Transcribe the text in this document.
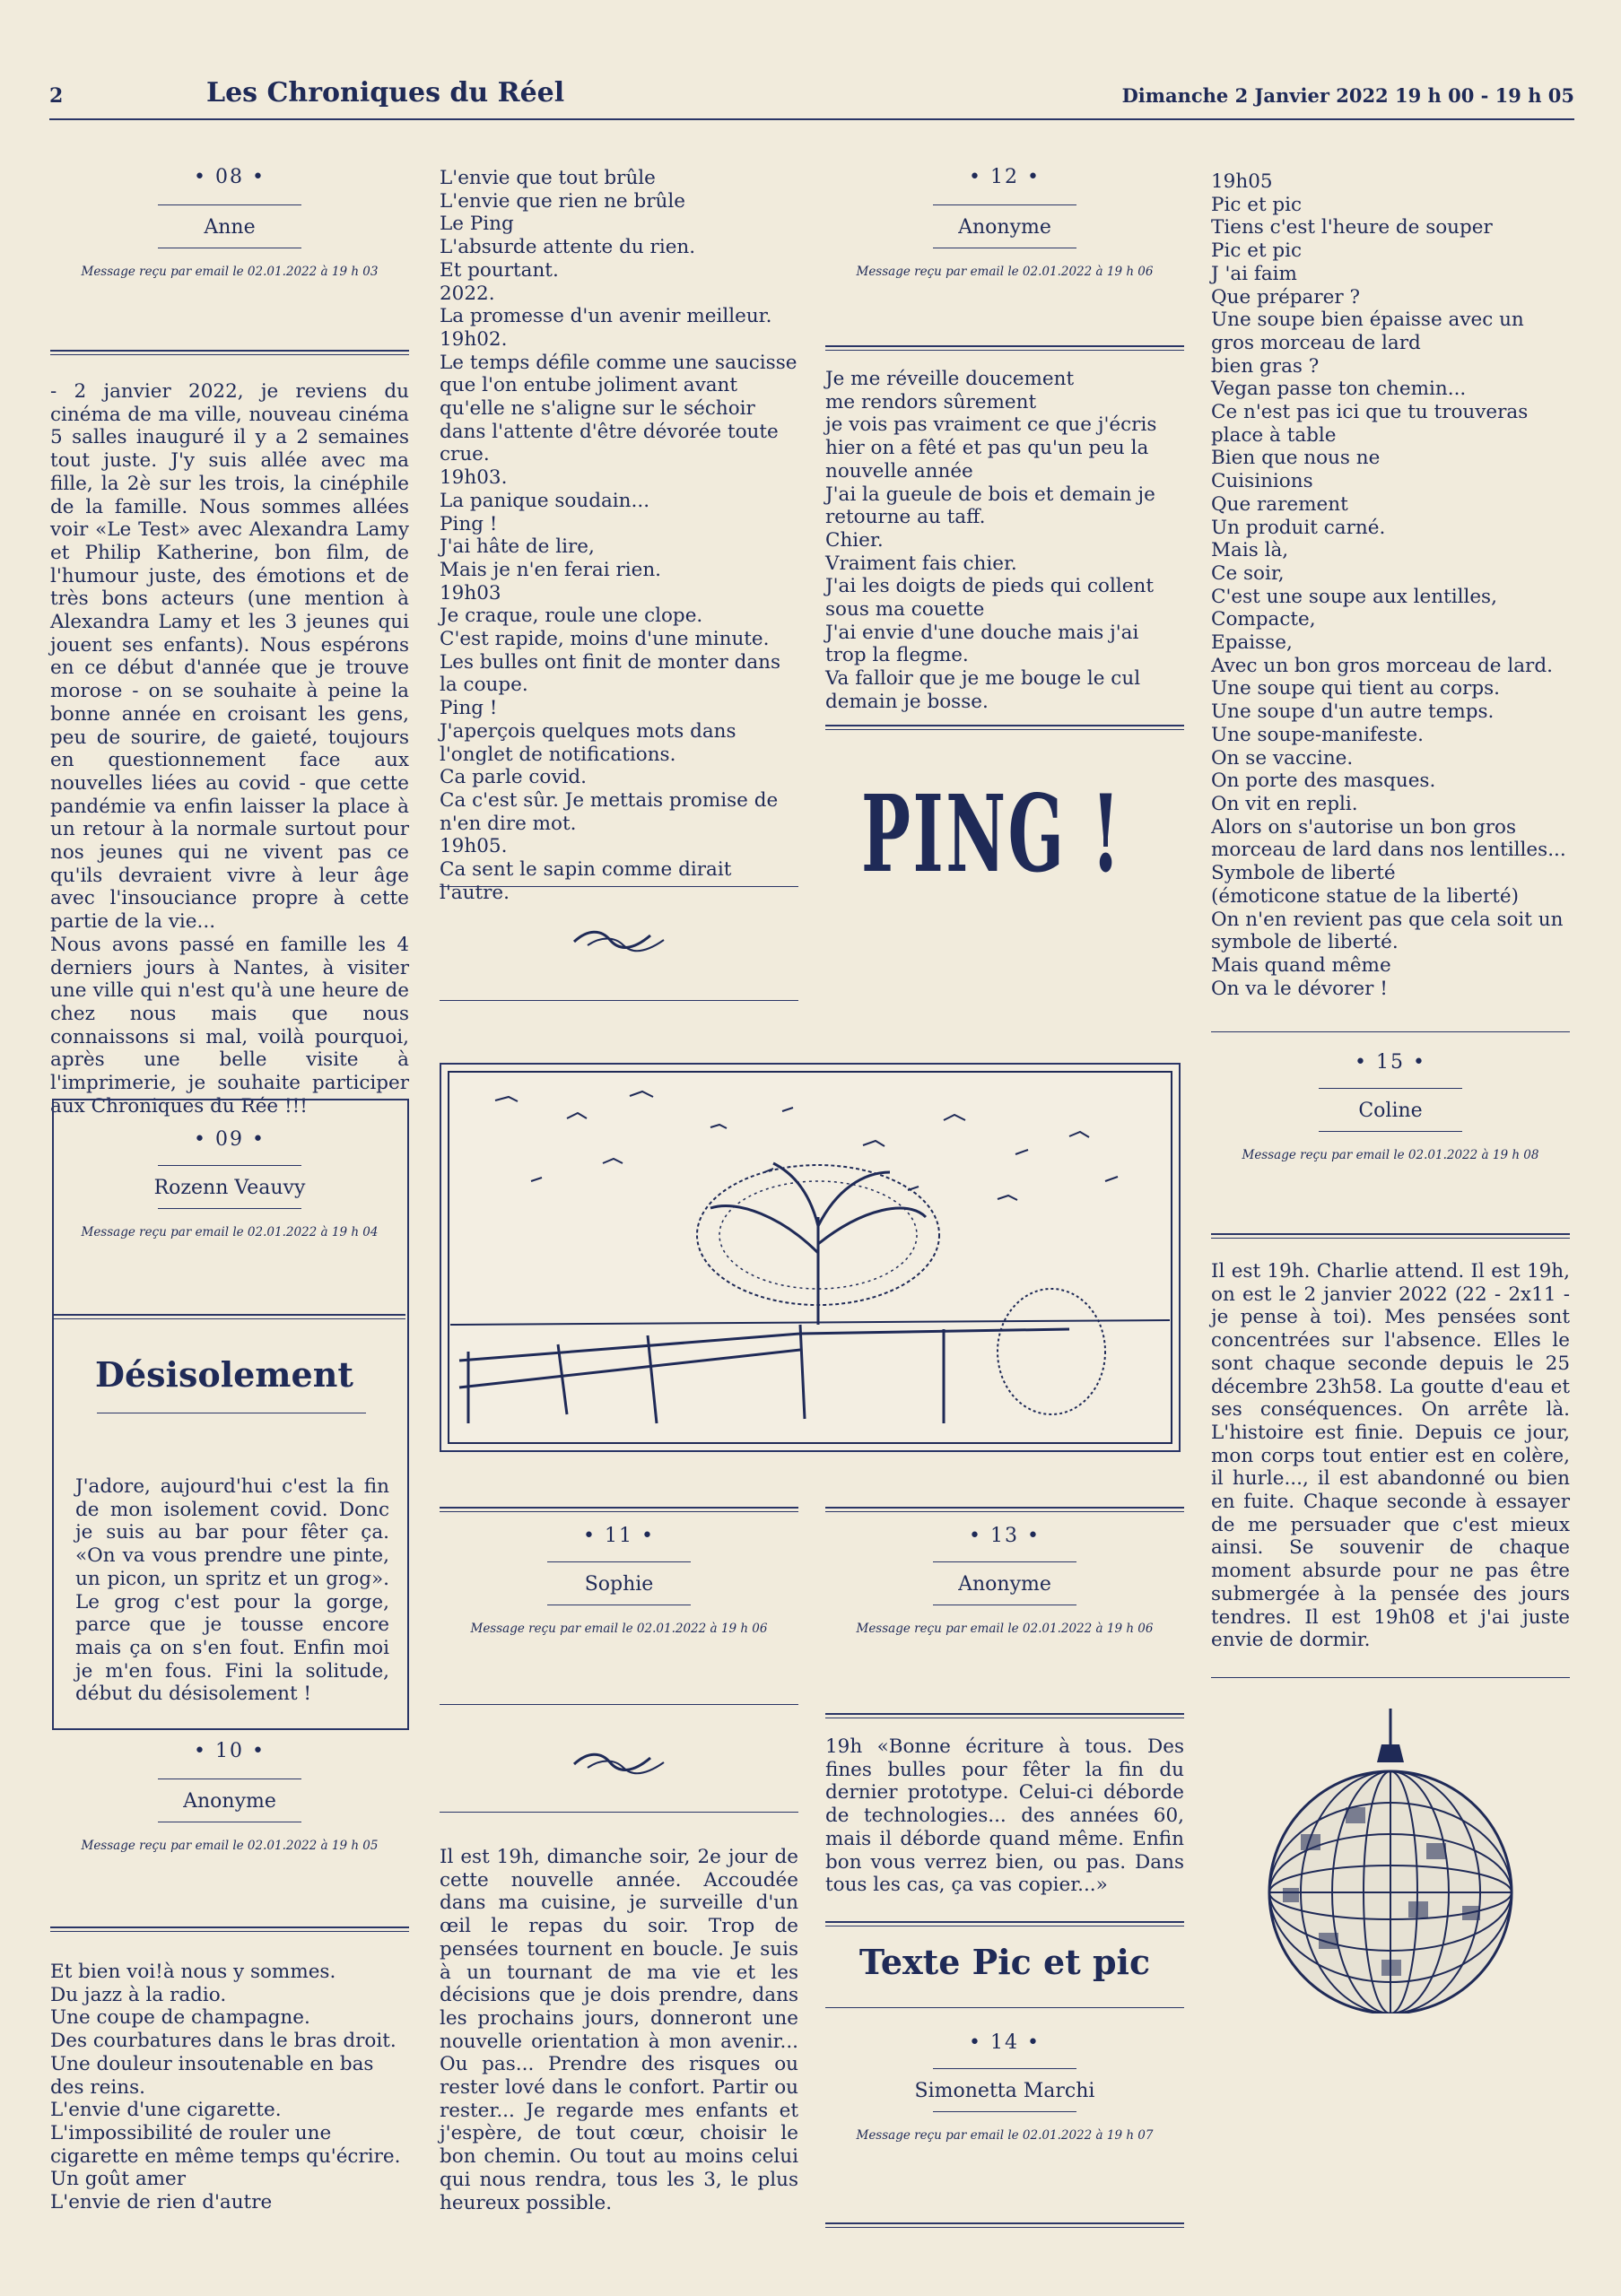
2	Les Chroniques du Réel	Dimanche 2 Janvier 2022 19 h 00 - 19 h 05
• 08 •
Anne
Message reçu par email le 02.01.2022 à 19 h 03

- 2 janvier 2022, je reviens du cinéma de ma ville, nouveau cinéma 5 salles inauguré il y a 2 semaines tout juste. J'y suis allée avec ma fille, la 2è sur les trois, la cinéphile de la famille. Nous sommes allées voir «Le Test» avec Alexandra Lamy et Philip Katherine, bon film, de l'humour juste, des émotions et de très bons acteurs (une mention à Alexandra Lamy et les 3 jeunes qui jouent ses enfants). Nous espérons en ce début d'année que je trouve morose - on se souhaite à peine la bonne année en croisant les gens, peu de sourire, de gaieté, toujours en questionnement face aux nouvelles liées au covid - que cette pandémie va enfin laisser la place à un retour à la normale surtout pour nos jeunes qui ne vivent pas ce qu'ils devraient vivre à leur âge avec l'insouciance propre à cette partie de la vie...

Nous avons passé en famille les 4 derniers jours à Nantes, à visiter une ville qui n'est qu'à une heure de chez nous mais que nous connaissons si mal, voilà pourquoi, après une belle visite à l'imprimerie, je souhaite participer aux Chroniques du Rée !!!

• 09 •
Rozenn Veauvy
Message reçu par email le 02.01.2022 à 19 h 04
Désisolement

J'adore, aujourd'hui c'est la fin de mon isolement covid. Donc je suis au bar pour fêter ça. «On va vous prendre une pinte, un picon, un spritz et un grog». Le grog c'est pour la gorge, parce que je tousse encore mais ça on s'en fout. Enfin moi je m'en fous. Fini la solitude, début du désisolement !

• 10 •
Anonyme
Message reçu par email le 02.01.2022 à 19 h 05

Et bien voi!à nous y sommes.

Du jazz à la radio.

Une coupe de champagne.

Des courbatures dans le bras droit.

Une douleur insoutenable en bas des reins.

L'envie d'une cigarette.

L'impossibilité de rouler une cigarette en même temps qu'écrire.

Un goût amer

L'envie de rien d'autre

L'envie que tout brûle

L'envie que rien ne brûle

Le Ping

L'absurde attente du rien.

Et pourtant.

2022.

La promesse d'un avenir meilleur.

19h02.

Le temps défile comme une saucisse que l'on entube joliment avant qu'elle ne s'aligne sur le séchoir dans l'attente d'être dévorée toute crue.

19h03.

La panique soudain...

Ping !

J'ai hâte de lire,

Mais je n'en ferai rien.

19h03

Je craque, roule une clope.

C'est rapide, moins d'une minute.

Les bulles ont finit de monter dans la coupe.

Ping !

J'aperçois quelques mots dans l'onglet de notifications.

Ca parle covid.

Ca c'est sûr. Je mettais promise de n'en dire mot.

19h05.

Ca sent le sapin comme dirait l'autre.

• 11 •
Sophie
Message reçu par email le 02.01.2022 à 19 h 06

Il est 19h, dimanche soir, 2e jour de cette nouvelle année. Accoudée dans ma cuisine, je surveille d'un œil le repas du soir. Trop de pensées tournent en boucle. Je suis à un tournant de ma vie et les décisions que je dois prendre, dans les prochains jours, donneront une nouvelle orientation à mon avenir... Ou pas... Prendre des risques ou rester lové dans le confort. Partir ou rester... Je regarde mes enfants et j'espère, de tout cœur, choisir le bon chemin. Ou tout au moins celui qui nous rendra, tous les 3, le plus heureux possible.

• 12 •
Anonyme
Message reçu par email le 02.01.2022 à 19 h 06

Je me réveille doucement

me rendors sûrement

je vois pas vraiment ce que j'écris hier on a fêté et pas qu'un peu la nouvelle année

J'ai la gueule de bois et demain je retourne au taff.

Chier.

Vraiment fais chier.

J'ai les doigts de pieds qui collent sous ma couette

J'ai envie d'une douche mais j'ai trop la flegme.

Va falloir que je me bouge le cul demain je bosse.

PING !
• 13 •
Anonyme
Message reçu par email le 02.01.2022 à 19 h 06

19h «Bonne écriture à tous. Des fines bulles pour fêter la fin du dernier prototype. Celui-ci déborde de technologies... des années 60, mais il déborde quand même. Enfin bon vous verrez bien, ou pas. Dans tous les cas, ça vas copier...»

Texte Pic et pic
• 14 •
Simonetta Marchi
Message reçu par email le 02.01.2022 à 19 h 07

19h05

Pic et pic

Tiens c'est l'heure de souper

Pic et pic

J 'ai faim

Que préparer ?

Une soupe bien épaisse avec un gros morceau de lard

bien gras ?

Vegan passe ton chemin...

Ce n'est pas ici que tu trouveras place à table

Bien que nous ne

Cuisinions

Que rarement

Un produit carné.

Mais là,

Ce soir,

C'est une soupe aux lentilles,

Compacte,

Epaisse,

Avec un bon gros morceau de lard.

Une soupe qui tient au corps.

Une soupe d'un autre temps.

Une soupe-manifeste.

On se vaccine.

On porte des masques.

On vit en repli.

Alors on s'autorise un bon gros morceau de lard dans nos lentilles...

Symbole de liberté

(émoticone statue de la liberté)

On n'en revient pas que cela soit un symbole de liberté.

Mais quand même

On va le dévorer !

• 15 •
Coline
Message reçu par email le 02.01.2022 à 19 h 08

Il est 19h. Charlie attend. Il est 19h, on est le 2 janvier 2022 (22 - 2x11 - je pense à toi). Mes pensées sont concentrées sur l'absence. Elles le sont chaque seconde depuis le 25 décembre 23h58. La goutte d'eau et ses conséquences. On arrête là. L'histoire est finie. Depuis ce jour, mon corps tout entier est en colère, il hurle..., il est abandonné ou bien en fuite. Chaque seconde à essayer de me persuader que c'est mieux ainsi. Se souvenir de chaque moment absurde pour ne pas être submergée à la pensée des jours tendres. Il est 19h08 et j'ai juste envie de dormir.
